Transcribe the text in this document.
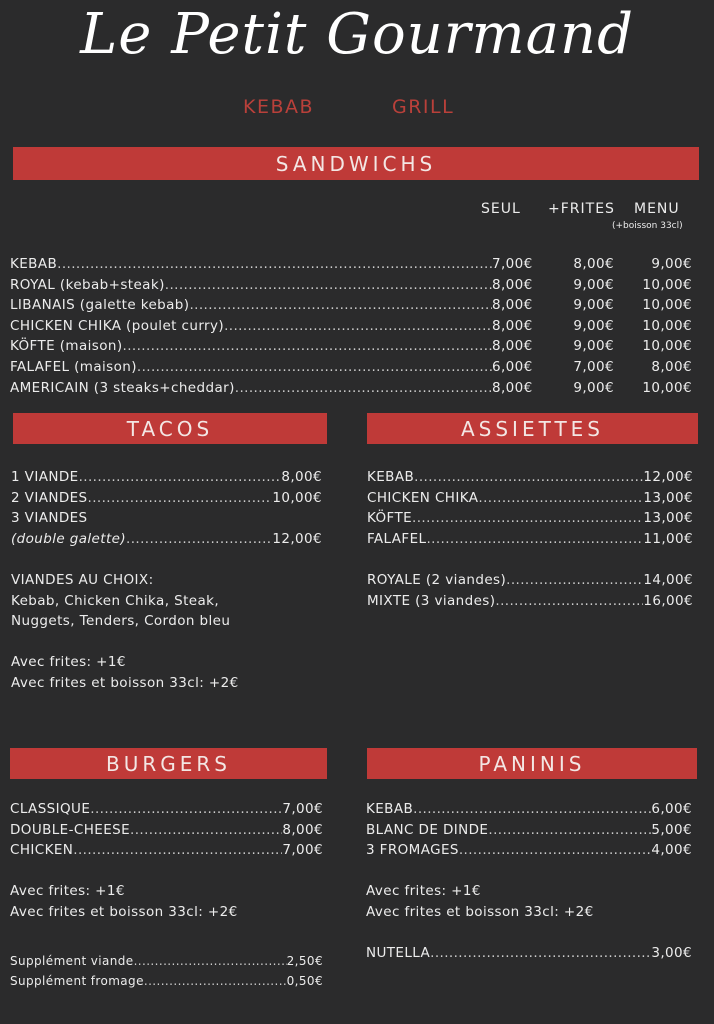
Le Petit Gourmand
KEBAB	GRILL
SANDWICHS
SEUL +FRITES MENU
(+boisson 33cl)
KEBAB .....	7,00€	8,00€	9,00€
ROYAL (kebab+steak) .....	8,00€	9,00€	10,00€
LIBANAIS (galette kebab) .....	8,00€	9,00€	10,00€
CHICKEN CHIKA (poulet curry) .....	8,00€	9,00€	10,00€
KÖFTE (maison) .....	8,00€	9,00€	10,00€
FALAFEL (maison) .....	6,00€	7,00€	8,00€
AMERICAIN (3 steaks+cheddar) .....	8,00€	9,00€	10,00€
TACOS
1 VIANDE .....	8,00€
2 VIANDES .....	10,00€
3 VIANDES
(double galette) .....	12,00€
VIANDES AU CHOIX:
Kebab, Chicken Chika, Steak,
Nuggets, Tenders, Cordon bleu
Avec frites: +1€
Avec frites et boisson 33cl: +2€
ASSIETTES
KEBAB .....	12,00€
CHICKEN CHIKA .....	13,00€
KÖFTE .....	13,00€
FALAFEL .....	11,00€
ROYALE (2 viandes) .....	14,00€
MIXTE (3 viandes) .....	16,00€
BURGERS
CLASSIQUE .....	7,00€
DOUBLE-CHEESE .....	8,00€
CHICKEN .....	7,00€
Avec frites: +1€
Avec frites et boisson 33cl: +2€
Supplément viande .....	2,50€
Supplément fromage .....	0,50€
PANINIS
KEBAB .....	6,00€
BLANC DE DINDE .....	5,00€
3 FROMAGES .....	4,00€
Avec frites: +1€
Avec frites et boisson 33cl: +2€
NUTELLA .....	3,00€
